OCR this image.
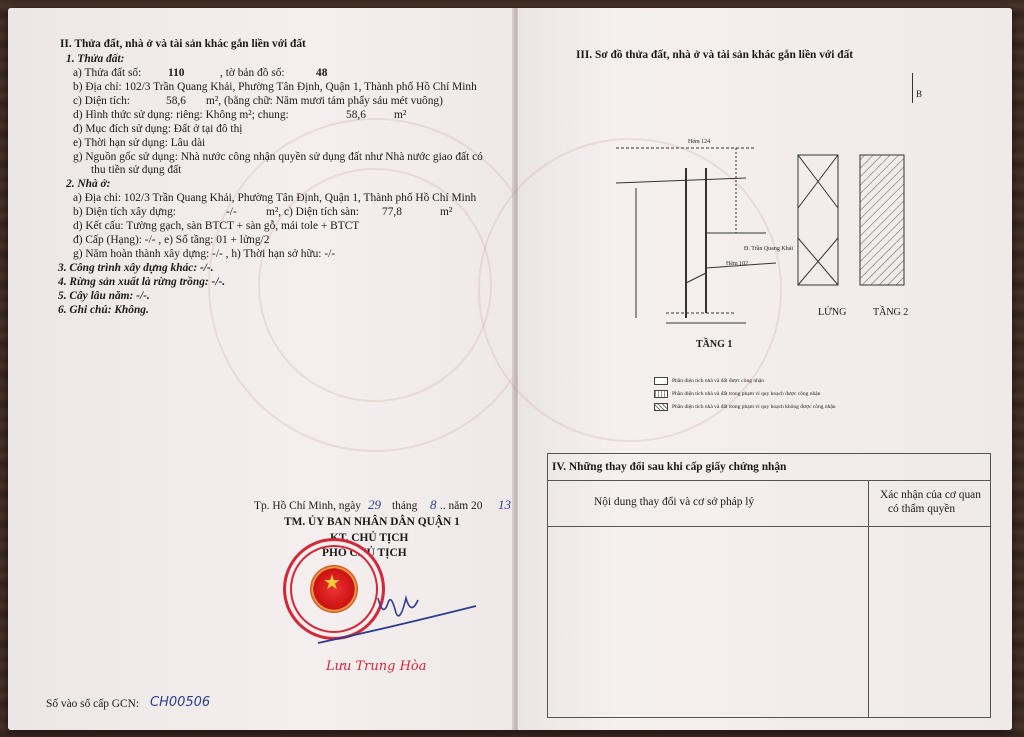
II. Thửa đất, nhà ở và tài sản khác gắn liền với đất
1. Thửa đất:
a) Thửa đất số: 110	, tờ bản đồ số:	48
b) Địa chỉ: 102/3 Trần Quang Khải, Phường Tân Định, Quận 1, Thành phố Hồ Chí Minh
c) Diện tích:	58,6 m², (bằng chữ: Năm mươi tám phẩy sáu mét vuông)
d) Hình thức sử dụng: riêng: Không m²; chung:	58,6 m²
đ) Mục đích sử dụng: Đất ở tại đô thị
e) Thời hạn sử dụng: Lâu dài
g) Nguồn gốc sử dụng: Nhà nước công nhận quyền sử dụng đất như Nhà nước giao đất có
thu tiền sử dụng đất
2. Nhà ở:
a) Địa chỉ: 102/3 Trần Quang Khải, Phường Tân Định, Quận 1, Thành phố Hồ Chí Minh
b) Diện tích xây dựng:	-/-	m², c) Diện tích sàn: 77,8	m²
d) Kết cấu: Tường gạch, sàn BTCT + sàn gỗ, mái tole + BTCT
đ) Cấp (Hạng): -/- , e) Số tầng: 01 + lửng/2
g) Năm hoàn thành xây dựng: -/- , h) Thời hạn sở hữu: -/-
3. Công trình xây dựng khác: -/-.
4. Rừng sản xuất là rừng trồng: -/-.
5. Cây lâu năm: -/-.
6. Ghi chú: Không.
Tp. Hồ Chí Minh, ngày 29 tháng 8 .. năm 20 13
TM. ỦY BAN NHÂN DÂN QUẬN 1
KT. CHỦ TỊCH
PHÓ CHỦ TỊCH
★
Lưu Trung Hòa
Số vào sổ cấp GCN: CH00506
III. Sơ đồ thửa đất, nhà ở và tài sản khác gắn liền với đất
B
Hẻm 124
Hẻm 102
Đ. Trần Quang Khải
TẦNG 1
LỬNG	TẦNG 2
Phần diện tích nhà và đất được công nhận
Phần diện tích nhà và đất trong phạm vi quy hoạch được công nhận
Phần diện tích nhà và đất trong phạm vi quy hoạch không được công nhận
IV. Những thay đổi sau khi cấp giấy chứng nhận
Nội dung thay đổi và cơ sở pháp lý
Xác nhận của cơ quan
có thẩm quyền
